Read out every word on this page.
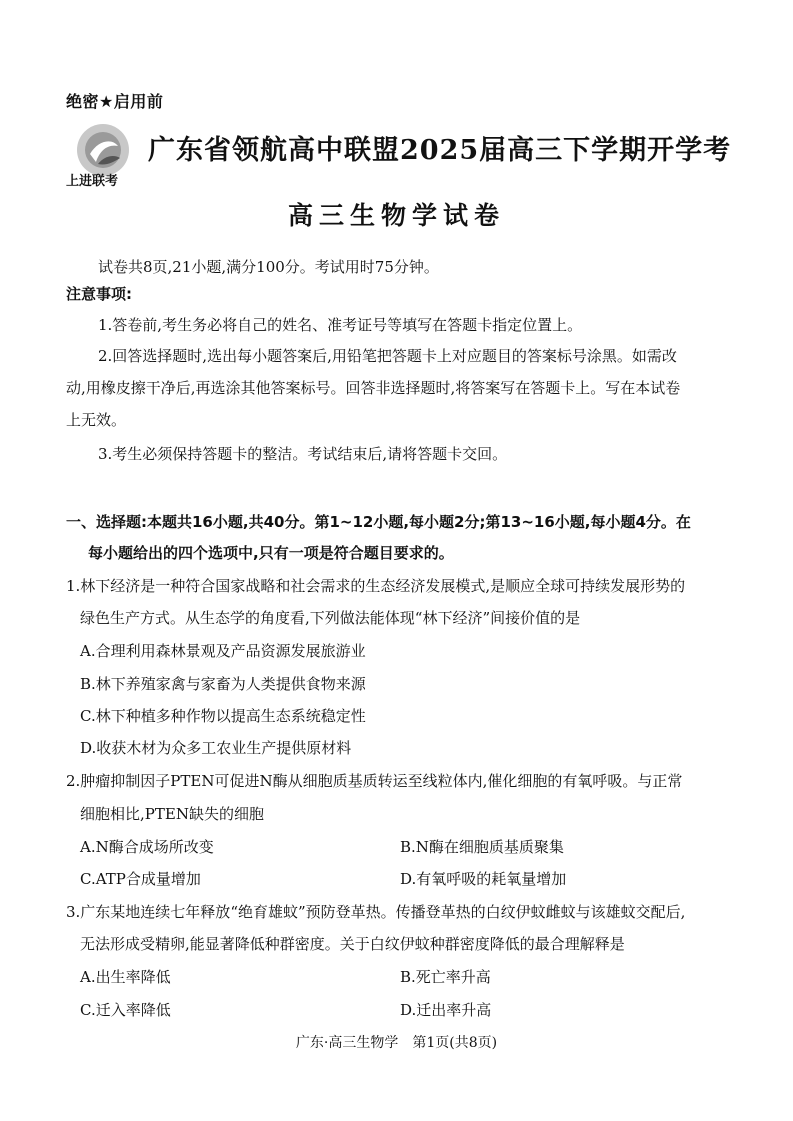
绝密★启用前
上进联考
广东省领航高中联盟2025届高三下学期开学考
高三生物学试卷
试卷共8页,21小题,满分100分。考试用时75分钟。
注意事项:
1.答卷前,考生务必将自己的姓名、准考证号等填写在答题卡指定位置上。
2.回答选择题时,选出每小题答案后,用铅笔把答题卡上对应题目的答案标号涂黑。如需改
动,用橡皮擦干净后,再选涂其他答案标号。回答非选择题时,将答案写在答题卡上。写在本试卷
上无效。
3.考生必须保持答题卡的整洁。考试结束后,请将答题卡交回。
一、选择题:本题共16小题,共40分。第1~12小题,每小题2分;第13~16小题,每小题4分。在
每小题给出的四个选项中,只有一项是符合题目要求的。
1.林下经济是一种符合国家战略和社会需求的生态经济发展模式,是顺应全球可持续发展形势的
绿色生产方式。从生态学的角度看,下列做法能体现“林下经济”间接价值的是
A.合理利用森林景观及产品资源发展旅游业
B.林下养殖家禽与家畜为人类提供食物来源
C.林下种植多种作物以提高生态系统稳定性
D.收获木材为众多工农业生产提供原材料
2.肿瘤抑制因子PTEN可促进N酶从细胞质基质转运至线粒体内,催化细胞的有氧呼吸。与正常
细胞相比,PTEN缺失的细胞
A.N酶合成场所改变	B.N酶在细胞质基质聚集
C.ATP合成量增加	D.有氧呼吸的耗氧量增加
3.广东某地连续七年释放“绝育雄蚊”预防登革热。传播登革热的白纹伊蚊雌蚊与该雄蚊交配后,
无法形成受精卵,能显著降低种群密度。关于白纹伊蚊种群密度降低的最合理解释是
A.出生率降低	B.死亡率升高
C.迁入率降低	D.迁出率升高
广东·高三生物学　第1页(共8页)
